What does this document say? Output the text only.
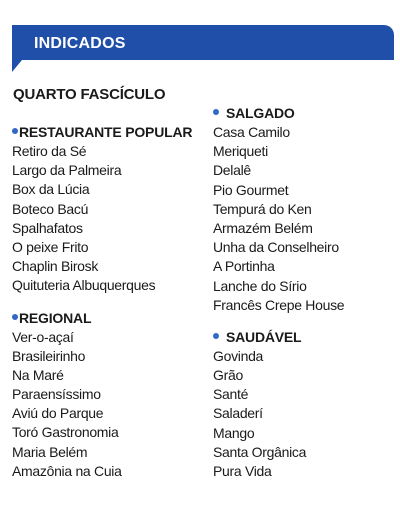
INDICADOS
QUARTO FASCÍCULO
RESTAURANTE POPULAR
Retiro da Sé
Largo da Palmeira
Box da Lúcia
Boteco Bacú
Spalhafatos
O peixe Frito
Chaplin Birosk
Quituteria Albuquerques
REGIONAL
Ver-o-açaí
Brasileirinho
Na Maré
Paraensíssimo
Aviú do Parque
Toró Gastronomia
Maria Belém
Amazônia na Cuia
SALGADO
Casa Camilo
Meriqueti
Delalê
Pio Gourmet
Tempurá do Ken
Armazém Belém
Unha da Conselheiro
A Portinha
Lanche do Sírio
Francês Crepe House
SAUDÁVEL
Govinda
Grão
Santé
Saladerí
Mango
Santa Orgânica
Pura Vida
